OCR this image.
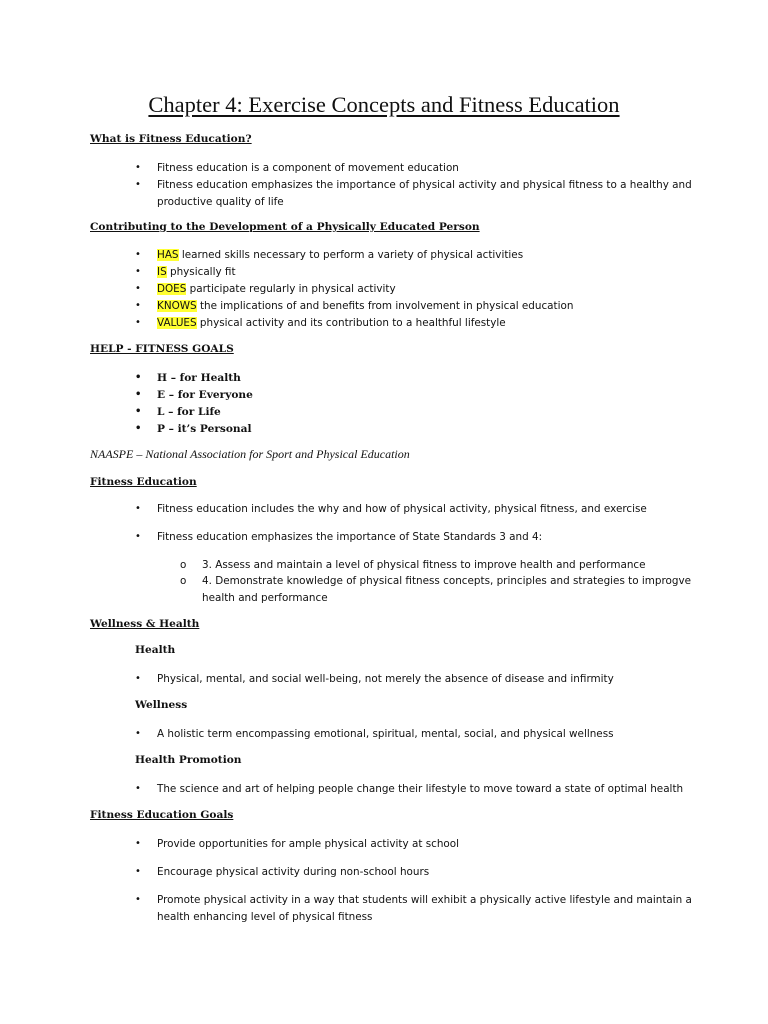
Chapter 4: Exercise Concepts and Fitness Education
What is Fitness Education?
•	Fitness education is a component of movement education
•	Fitness education emphasizes the importance of physical activity and physical fitness to a healthy and productive quality of life
Contributing to the Development of a Physically Educated Person
•	HAS learned skills necessary to perform a variety of physical activities
•	IS physically fit
•	DOES participate regularly in physical activity
•	KNOWS the implications of and benefits from involvement in physical education
•	VALUES physical activity and its contribution to a healthful lifestyle
HELP - FITNESS GOALS
•	H – for Health
•	E – for Everyone
•	L – for Life
•	P – it’s Personal
NAASPE – National Association for Sport and Physical Education
Fitness Education
•	Fitness education includes the why and how of physical activity, physical fitness, and exercise
•	Fitness education emphasizes the importance of State Standards 3 and 4:
o	3. Assess and maintain a level of physical fitness to improve health and performance
o	4. Demonstrate knowledge of physical fitness concepts, principles and strategies to improgve health and performance
Wellness & Health
Health
•	Physical, mental, and social well-being, not merely the absence of disease and infirmity
Wellness
•	A holistic term encompassing emotional, spiritual, mental, social, and physical wellness
Health Promotion
•	The science and art of helping people change their lifestyle to move toward a state of optimal health
Fitness Education Goals
•	Provide opportunities for ample physical activity at school
•	Encourage physical activity during non-school hours
•	Promote physical activity in a way that students will exhibit a physically active lifestyle and maintain a health enhancing level of physical fitness
